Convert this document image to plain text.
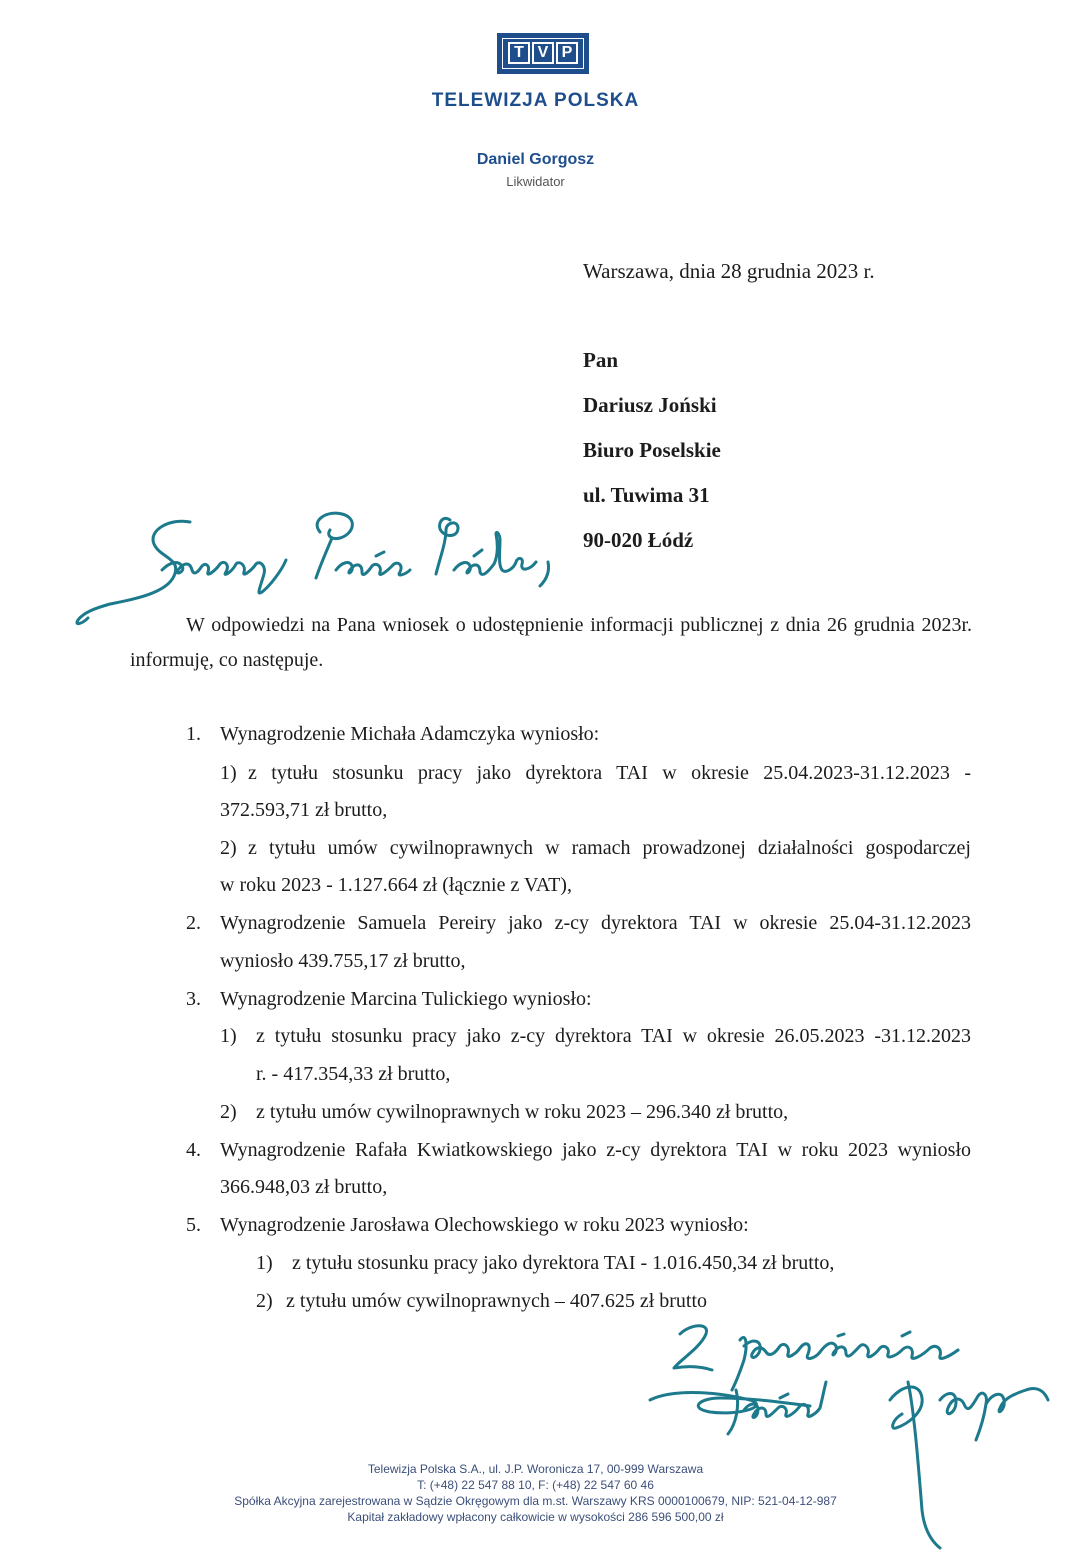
T V P
TELEWIZJA POLSKA
Daniel Gorgosz
Likwidator
Warszawa, dnia 28 grudnia 2023 r.
Pan
Dariusz Joński
Biuro Poselskie
ul. Tuwima 31
90-020 Łódź

W odpowiedzi na Pana wniosek o udostępnienie informacji publicznej z dnia 26 grudnia 2023r. informuję, co następuje.

1. Wynagrodzenie Michała Adamczyka wyniosło:
1) z tytułu stosunku pracy jako dyrektora TAI w okresie 25.04.2023-31.12.2023 -
372.593,71 zł brutto,
2) z tytułu umów cywilnoprawnych w ramach prowadzonej działalności gospodarczej
w roku 2023 - 1.127.664 zł (łącznie z VAT),
2. Wynagrodzenie Samuela Pereiry jako z-cy dyrektora TAI w okresie 25.04-31.12.2023
wyniosło 439.755,17 zł brutto,
3. Wynagrodzenie Marcina Tulickiego wyniosło:
1) z tytułu stosunku pracy jako z-cy dyrektora TAI w okresie 26.05.2023 -31.12.2023
r. - 417.354,33 zł brutto,
2) z tytułu umów cywilnoprawnych w roku 2023 – 296.340 zł brutto,
4. Wynagrodzenie Rafała Kwiatkowskiego jako z-cy dyrektora TAI w roku 2023 wyniosło
366.948,03 zł brutto,
5. Wynagrodzenie Jarosława Olechowskiego w roku 2023 wyniosło:
1) z tytułu stosunku pracy jako dyrektora TAI - 1.016.450,34 zł brutto,
2) z tytułu umów cywilnoprawnych – 407.625 zł brutto
Telewizja Polska S.A., ul. J.P. Woronicza 17, 00-999 Warszawa
T: (+48) 22 547 88 10, F: (+48) 22 547 60 46
Spółka Akcyjna zarejestrowana w Sądzie Okręgowym dla m.st. Warszawy KRS 0000100679, NIP: 521-04-12-987
Kapitał zakładowy wpłacony całkowicie w wysokości 286 596 500,00 zł
